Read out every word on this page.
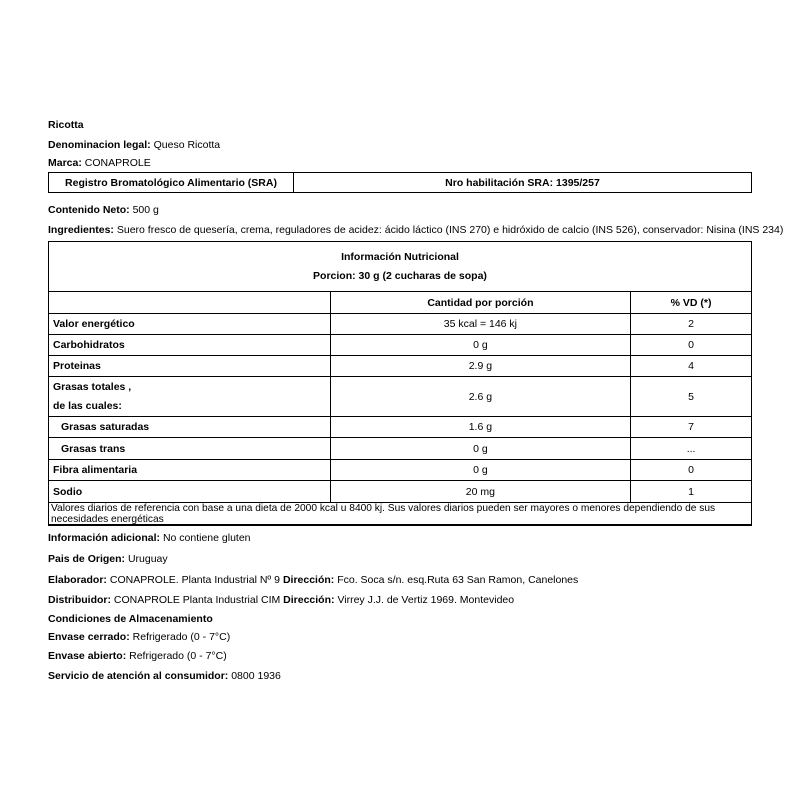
Ricotta
Denominacion legal: Queso Ricotta
Marca: CONAPROLE
Registro Bromatológico Alimentario (SRA)	Nro habilitación SRA: 1395/257
Contenido Neto: 500 g
Ingredientes: Suero fresco de quesería, crema, reguladores de acidez: ácido láctico (INS 270) e hidróxido de calcio (INS 526), conservador: Nisina (INS 234)
Información Nutricional
Porcion: 30 g (2 cucharas de sopa)
	Cantidad por porción	% VD (*)
Valor energético	35 kcal = 146 kj	2
Carbohidratos	0 g	0
Proteinas	2.9 g	4

Grasas totales ,
de las cuales:	2.6 g	5
Grasas saturadas	1.6 g	7
Grasas trans	0 g	...
Fibra alimentaria	0 g	0
Sodio	20 mg	1
Valores diarios de referencia con base a una dieta de 2000 kcal u 8400 kj. Sus valores diarios pueden ser mayores o menores dependiendo de sus necesidades energéticas		
Información adicional: No contiene gluten
Pais de Origen: Uruguay
Elaborador: CONAPROLE. Planta Industrial Nº 9 Dirección: Fco. Soca s/n. esq.Ruta 63 San Ramon, Canelones
Distribuidor: CONAPROLE Planta Industrial CIM Dirección: Virrey J.J. de Vertiz 1969. Montevideo
Condiciones de Almacenamiento
Envase cerrado: Refrigerado (0 - 7°C)
Envase abierto: Refrigerado (0 - 7°C)
Servicio de atención al consumidor: 0800 1936
